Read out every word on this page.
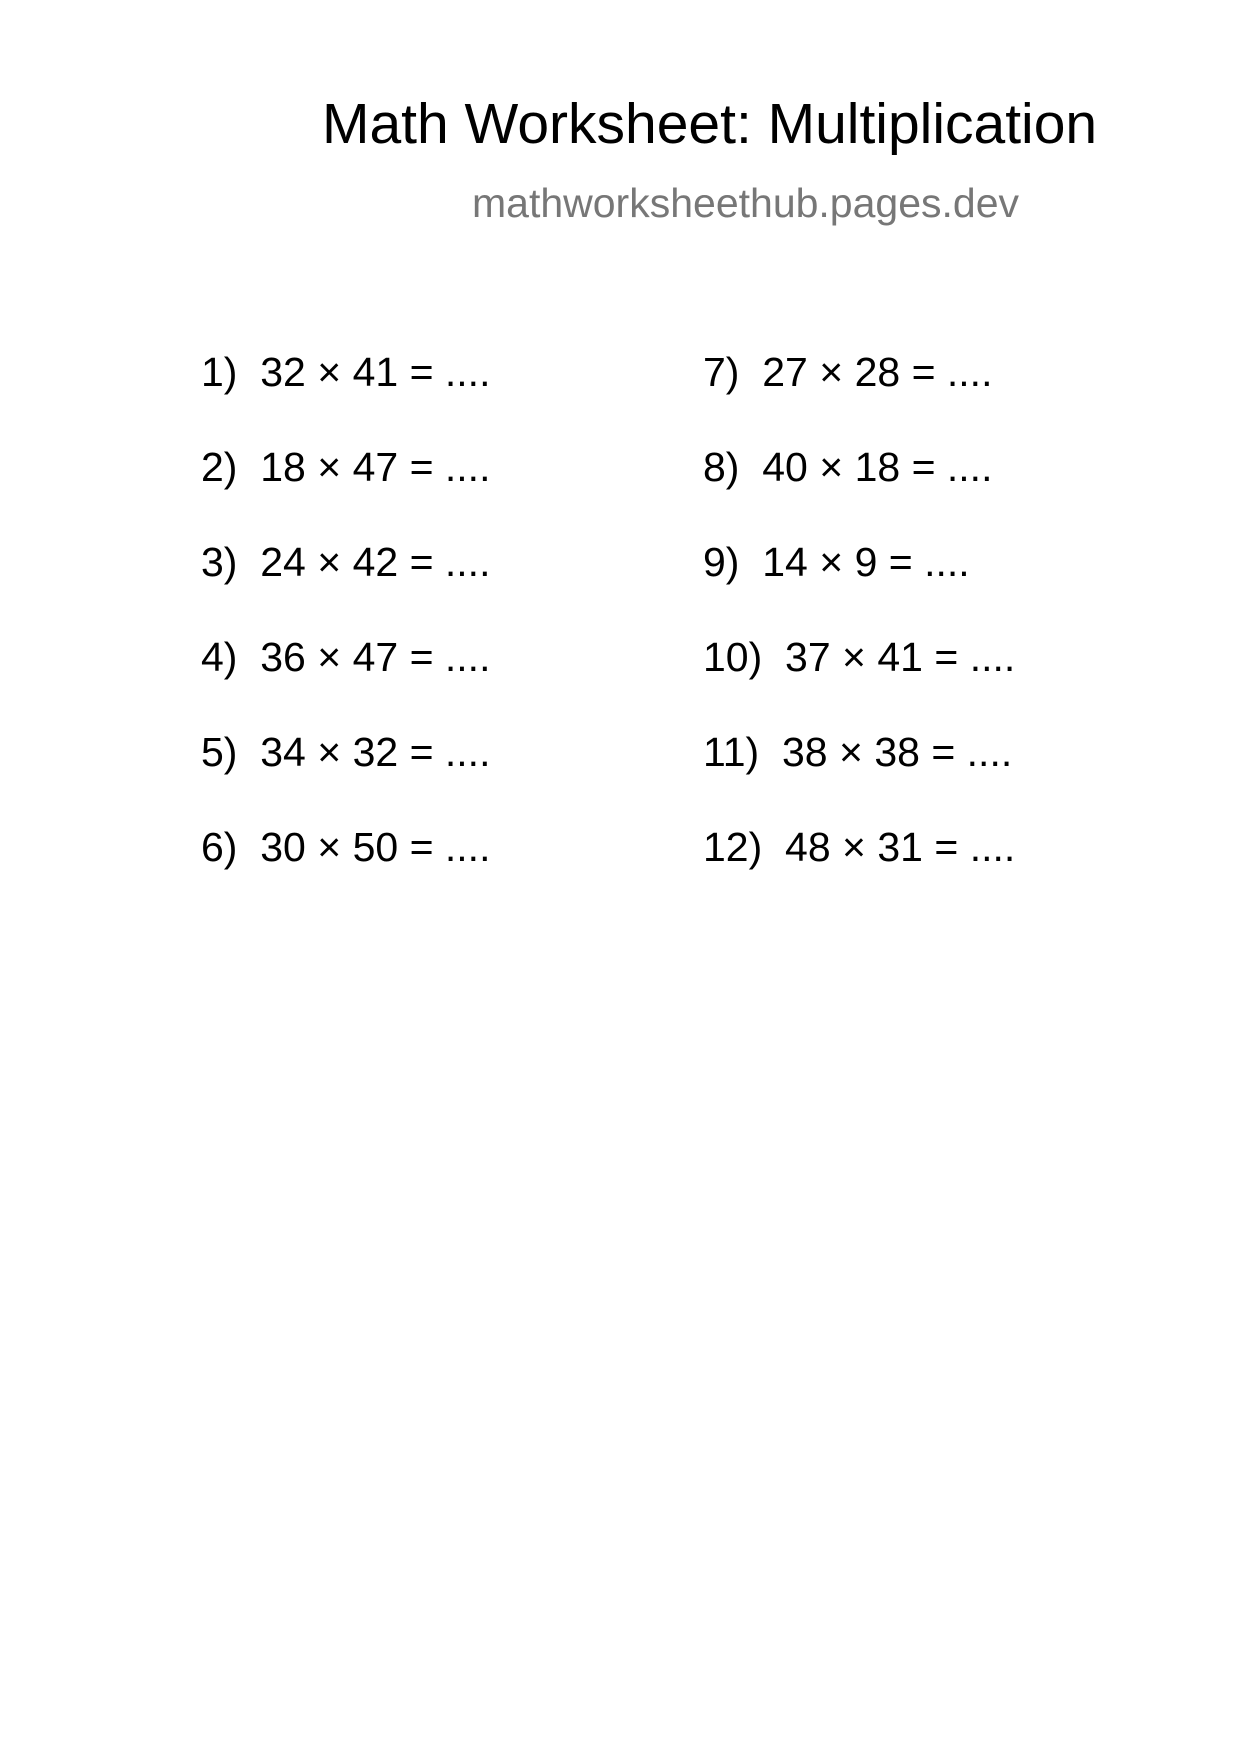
Math Worksheet: Multiplication
mathworksheethub.pages.dev
1)  32 × 41 = ....
2)  18 × 47 = ....
3)  24 × 42 = ....
4)  36 × 47 = ....
5)  34 × 32 = ....
6)  30 × 50 = ....
7)  27 × 28 = ....
8)  40 × 18 = ....
9)  14 × 9 = ....
10)  37 × 41 = ....
11)  38 × 38 = ....
12)  48 × 31 = ....
